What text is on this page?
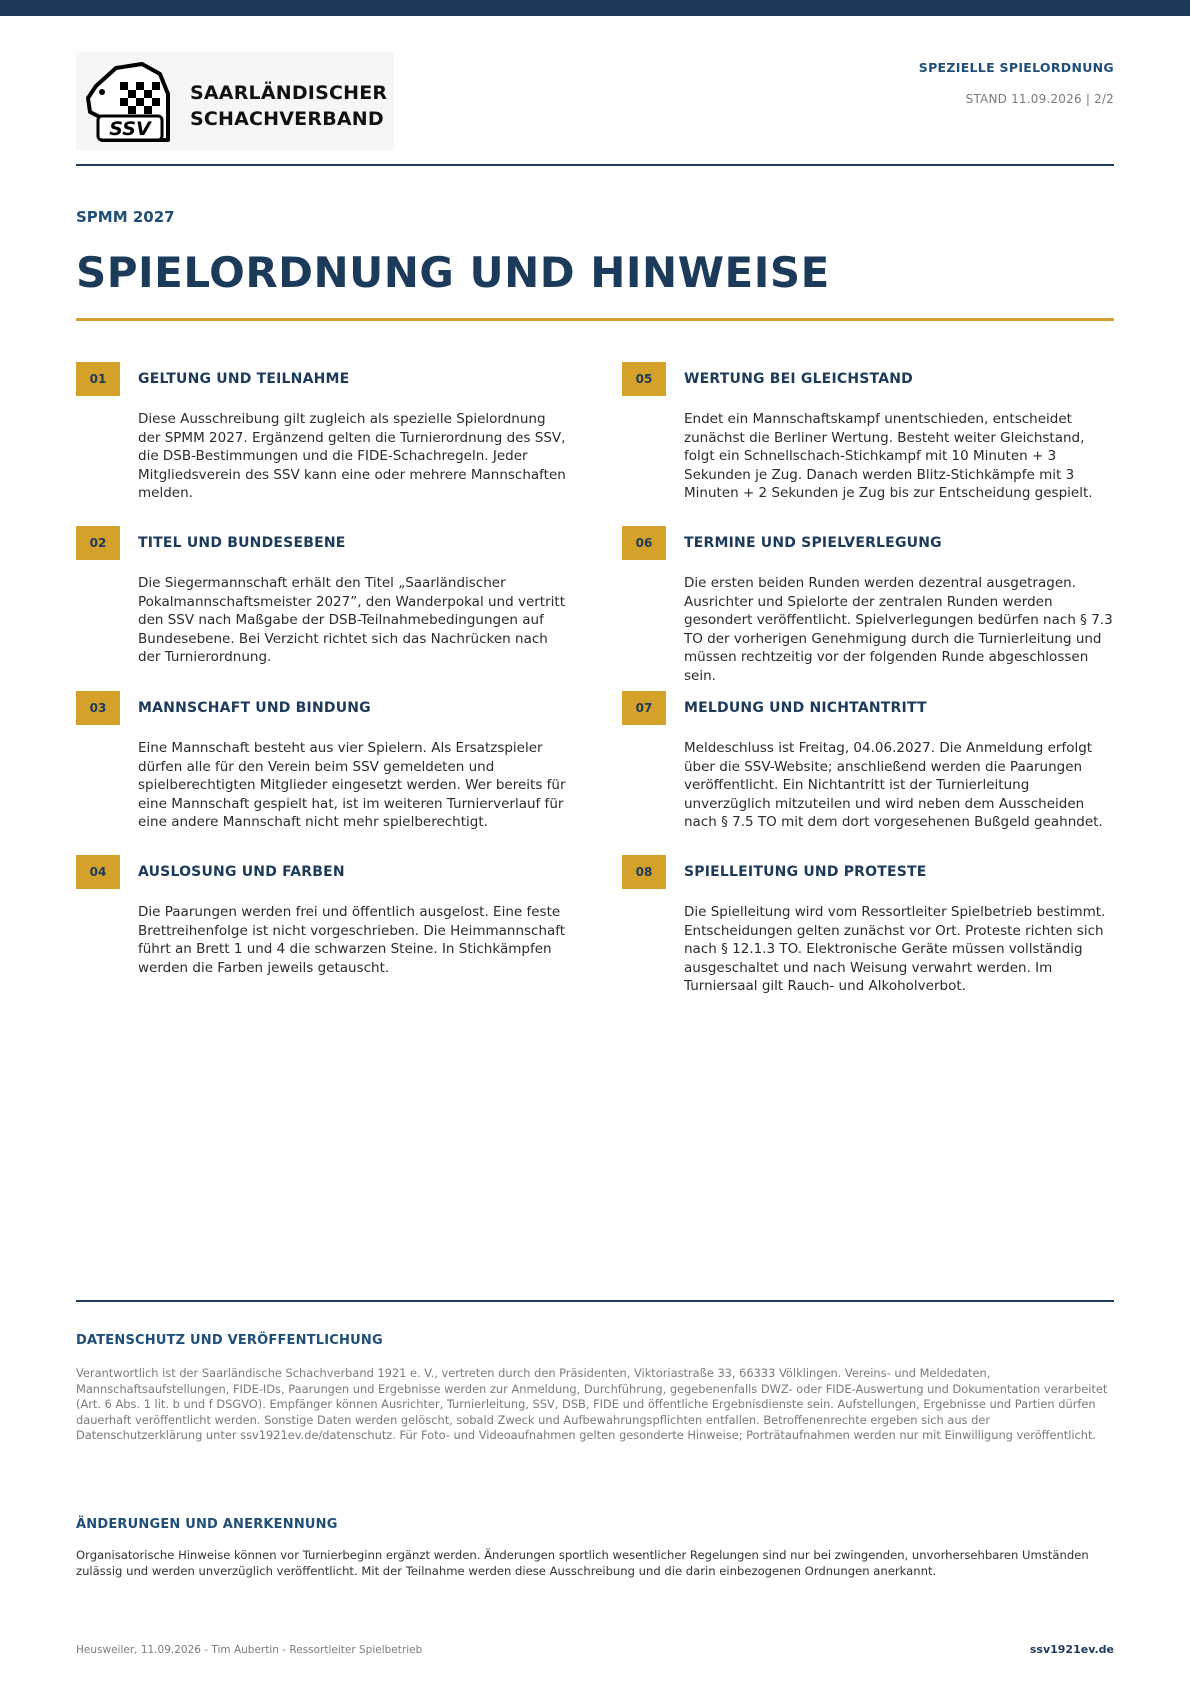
SSV
SAARLÄNDISCHER
SCHACHVERBAND
SPEZIELLE SPIELORDNUNG
STAND 11.09.2026 | 2/2
SPMM 2027
SPIELORDNUNG UND HINWEISE
01	GELTUNG UND TEILNAHME
Diese Ausschreibung gilt zugleich als spezielle Spielordnung der SPMM 2027. Ergänzend gelten die Turnierordnung des SSV, die DSB-Bestimmungen und die FIDE-Schachregeln. Jeder Mitgliedsverein des SSV kann eine oder mehrere Mannschaften melden.
02	TITEL UND BUNDESEBENE
Die Siegermannschaft erhält den Titel „Saarländischer Pokalmannschaftsmeister 2027”, den Wanderpokal und vertritt den SSV nach Maßgabe der DSB-Teilnahmebedingungen auf Bundesebene. Bei Verzicht richtet sich das Nachrücken nach der Turnierordnung.
03	MANNSCHAFT UND BINDUNG
Eine Mannschaft besteht aus vier Spielern. Als Ersatzspieler dürfen alle für den Verein beim SSV gemeldeten und spielberechtigten Mitglieder eingesetzt werden. Wer bereits für eine Mannschaft gespielt hat, ist im weiteren Turnierverlauf für eine andere Mannschaft nicht mehr spielberechtigt.
04	AUSLOSUNG UND FARBEN
Die Paarungen werden frei und öffentlich ausgelost. Eine feste Brettreihenfolge ist nicht vorgeschrieben. Die Heimmannschaft führt an Brett 1 und 4 die schwarzen Steine. In Stichkämpfen werden die Farben jeweils getauscht.
05	WERTUNG BEI GLEICHSTAND
Endet ein Mannschaftskampf unentschieden, entscheidet zunächst die Berliner Wertung. Besteht weiter Gleichstand, folgt ein Schnellschach-Stichkampf mit 10 Minuten + 3 Sekunden je Zug. Danach werden Blitz-Stichkämpfe mit 3 Minuten + 2 Sekunden je Zug bis zur Entscheidung gespielt.
06	TERMINE UND SPIELVERLEGUNG
Die ersten beiden Runden werden dezentral ausgetragen. Ausrichter und Spielorte der zentralen Runden werden gesondert veröffentlicht. Spielverlegungen bedürfen nach § 7.3 TO der vorherigen Genehmigung durch die Turnierleitung und müssen rechtzeitig vor der folgenden Runde abgeschlossen sein.
07	MELDUNG UND NICHTANTRITT
Meldeschluss ist Freitag, 04.06.2027. Die Anmeldung erfolgt über die SSV-Website; anschließend werden die Paarungen veröffentlicht. Ein Nichtantritt ist der Turnierleitung unverzüglich mitzuteilen und wird neben dem Ausscheiden nach § 7.5 TO mit dem dort vorgesehenen Bußgeld geahndet.
08	SPIELLEITUNG UND PROTESTE
Die Spielleitung wird vom Ressortleiter Spielbetrieb bestimmt. Entscheidungen gelten zunächst vor Ort. Proteste richten sich nach § 12.1.3 TO. Elektronische Geräte müssen vollständig ausgeschaltet und nach Weisung verwahrt werden. Im Turniersaal gilt Rauch- und Alkoholverbot.
DATENSCHUTZ UND VERÖFFENTLICHUNG
Verantwortlich ist der Saarländische Schachverband 1921 e. V., vertreten durch den Präsidenten, Viktoriastraße 33, 66333 Völklingen. Vereins- und Meldedaten, Mannschaftsaufstellungen, FIDE-IDs, Paarungen und Ergebnisse werden zur Anmeldung, Durchführung, gegebenenfalls DWZ- oder FIDE-Auswertung und Dokumentation verarbeitet (Art. 6 Abs. 1 lit. b und f DSGVO). Empfänger können Ausrichter, Turnierleitung, SSV, DSB, FIDE und öffentliche Ergebnisdienste sein. Aufstellungen, Ergebnisse und Partien dürfen dauerhaft veröffentlicht werden. Sonstige Daten werden gelöscht, sobald Zweck und Aufbewahrungspflichten entfallen. Betroffenenrechte ergeben sich aus der Datenschutzerklärung unter ssv1921ev.de/datenschutz. Für Foto- und Videoaufnahmen gelten gesonderte Hinweise; Porträtaufnahmen werden nur mit Einwilligung veröffentlicht.
ÄNDERUNGEN UND ANERKENNUNG
Organisatorische Hinweise können vor Turnierbeginn ergänzt werden. Änderungen sportlich wesentlicher Regelungen sind nur bei zwingenden, unvorhersehbaren Umständen zulässig und werden unverzüglich veröffentlicht. Mit der Teilnahme werden diese Ausschreibung und die darin einbezogenen Ordnungen anerkannt.
Heusweiler, 11.09.2026 - Tim Aubertin - Ressortleiter Spielbetrieb	ssv1921ev.de
